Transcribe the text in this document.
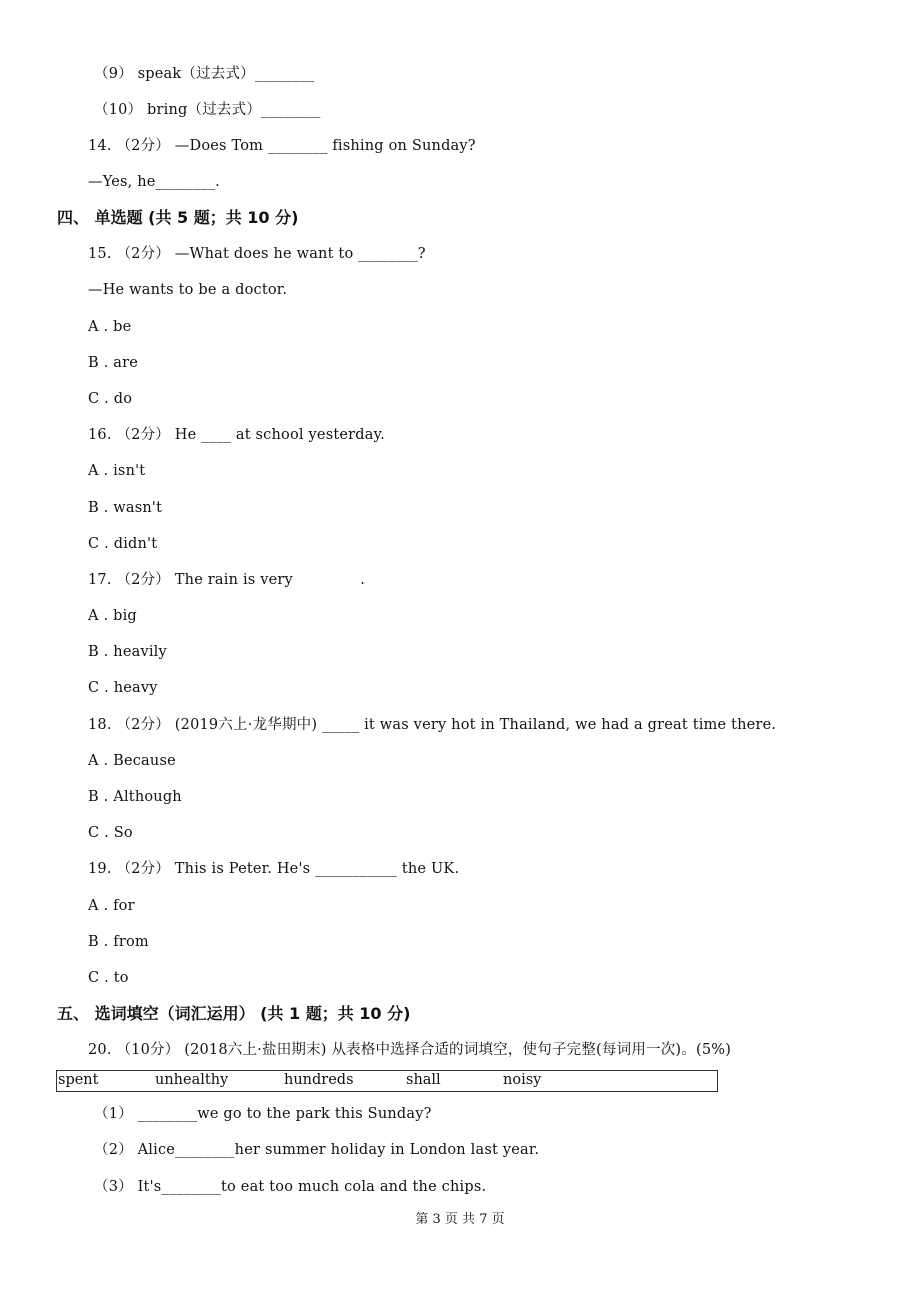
（9） speak（过去式）________
（10） bring（过去式）________
14. （2分） —Does Tom ________ fishing on Sunday?
—Yes, he________.
四、 单选题 (共 5 题；共 10 分)
15. （2分） —What does he want to ________?
—He wants to be a doctor.
A . be
B . are
C . do
16. （2分） He ____ at school yesterday.
A . isn't
B . wasn't
C . didn't
17. （2分） The rain is very              .
A . big
B . heavily
C . heavy
18. （2分） (2019六上·龙华期中) _____ it was very hot in Thailand, we had a great time there.
A . Because
B . Although
C . So
19. （2分） This is Peter. He's ___________ the UK.
A . for
B . from
C . to
五、 选词填空（词汇运用） (共 1 题；共 10 分)
20. （10分） (2018六上·盐田期末) 从表格中选择合适的词填空，使句子完整(每词用一次)。(5%)
spent	unhealthy	hundreds	shall	noisy
（1） ________we go to the park this Sunday?
（2） Alice________her summer holiday in London last year.
（3） It's________to eat too much cola and the chips.
第 3 页 共 7 页
